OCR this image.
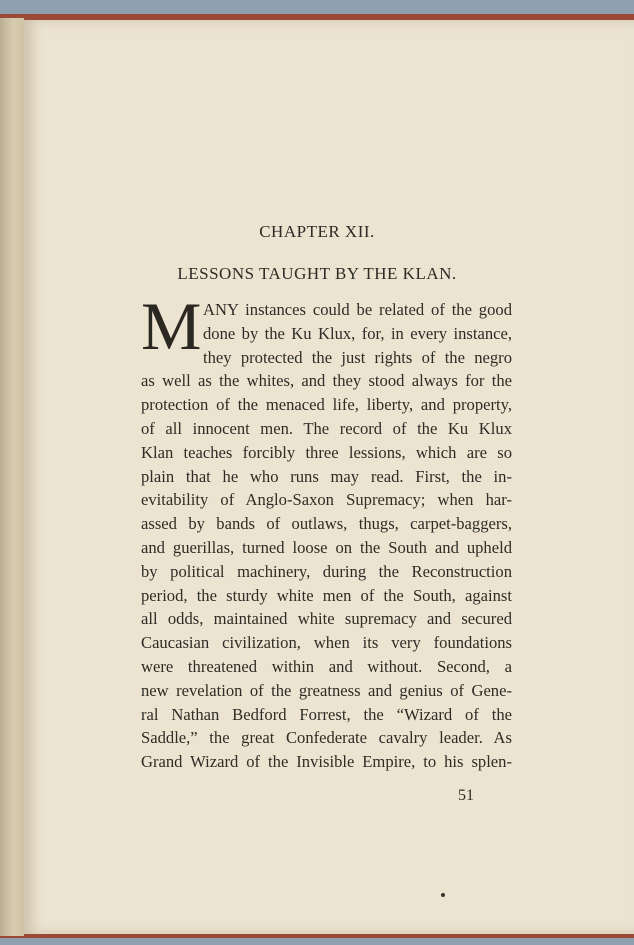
CHAPTER XII.
LESSONS TAUGHT BY THE KLAN.
M ANY instances could be related of the good
done by the Ku Klux, for, in every instance,
they protected the just rights of the negro
as well as the whites, and they stood always for the
protection of the menaced life, liberty, and property,
of all innocent men. The record of the Ku Klux
Klan teaches forcibly three lessions, which are so
plain that he who runs may read. First, the in-
evitability of Anglo-Saxon Supremacy; when har-
assed by bands of outlaws, thugs, carpet-baggers,
and guerillas, turned loose on the South and upheld
by political machinery, during the Reconstruction
period, the sturdy white men of the South, against
all odds, maintained white supremacy and secured
Caucasian civilization, when its very foundations
were threatened within and without. Second, a
new revelation of the greatness and genius of Gene-
ral Nathan Bedford Forrest, the “Wizard of the
Saddle,” the great Confederate cavalry leader. As
Grand Wizard of the Invisible Empire, to his splen-
51
